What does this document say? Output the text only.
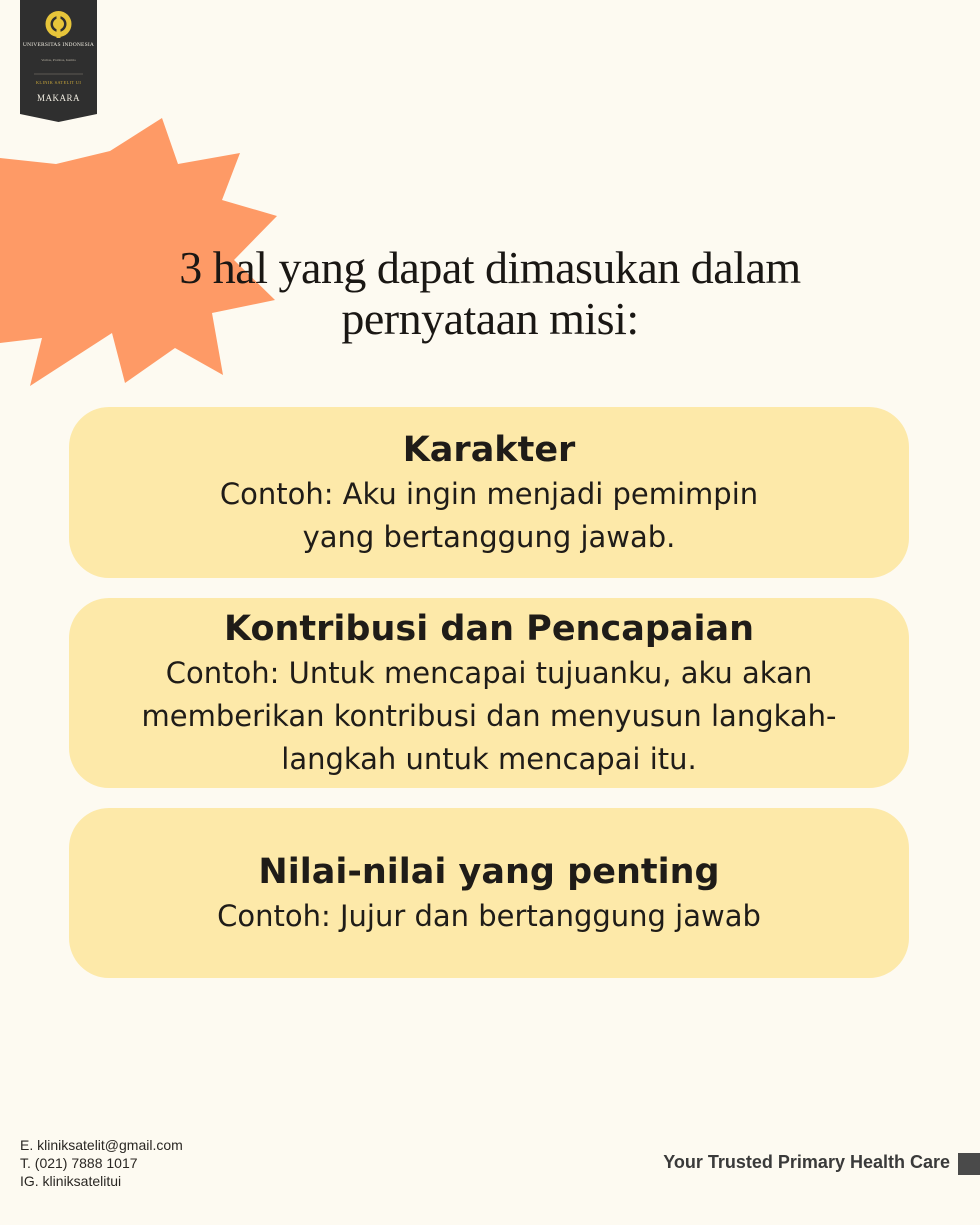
UNIVERSITAS INDONESIA
Veritas, Probitas, Iustitia
KLINIK SATELIT UI
MAKARA
3 hal yang dapat dimasukan dalam
pernyataan misi:
Karakter
Contoh: Aku ingin menjadi pemimpin yang bertanggung jawab.
Kontribusi dan Pencapaian
Contoh: Untuk mencapai tujuanku, aku akan memberikan kontribusi dan menyusun langkah-langkah untuk mencapai itu.
Nilai-nilai yang penting
Contoh: Jujur dan bertanggung jawab
E. kliniksatelit@gmail.com
T. (021) 7888 1017
IG. kliniksatelitui
Your Trusted Primary Health Care
